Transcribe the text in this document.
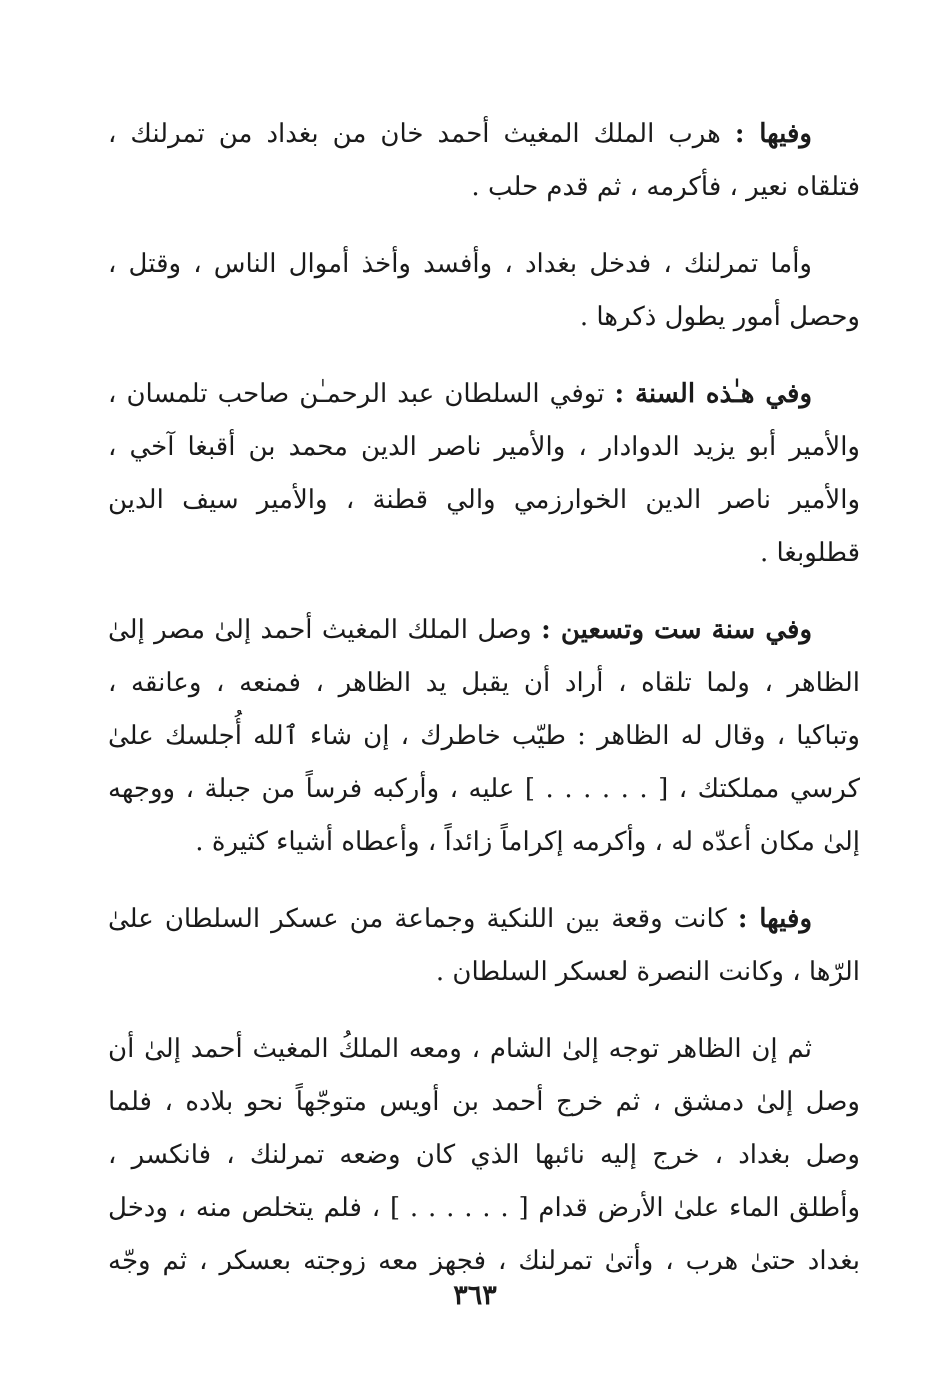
وفيها : هرب الملك المغيث أحمد خان من بغداد من تمرلنك ،
فتلقاه نعير ، فأكرمه ، ثم قدم حلب .
وأما تمرلنك ، فدخل بغداد ، وأفسد وأخذ أموال الناس ، وقتل ،
وحصل أمور يطول ذكرها .
وفي هـٰذه السنة : توفي السلطان عبد الرحمـٰن صاحب تلمسان ،
والأمير أبو يزيد الدوادار ، والأمير ناصر الدين محمد بن أقبغا آخي ،
والأمير ناصر الدين الخوارزمي والي قطنة ، والأمير سيف الدين
قطلوبغا .
وفي سنة ست وتسعين : وصل الملك المغيث أحمد إلىٰ مصر إلىٰ
الظاهر ، ولما تلقاه ، أراد أن يقبل يد الظاهر ، فمنعه ، وعانقه ،
وتباكيا ، وقال له الظاهر : طيّب خاطرك ، إن شاء ٱلله أُجلسك علىٰ
كرسي مملكتك ، [ . . . . . . ] عليه ، وأركبه فرساً من جبلة ، ووجهه
إلىٰ مكان أعدّه له ، وأكرمه إكراماً زائداً ، وأعطاه أشياء كثيرة .
وفيها : كانت وقعة بين اللنكية وجماعة من عسكر السلطان علىٰ
الرّها ، وكانت النصرة لعسكر السلطان .
ثم إن الظاهر توجه إلىٰ الشام ، ومعه الملكُ المغيث أحمد إلىٰ أن
وصل إلىٰ دمشق ، ثم خرج أحمد بن أويس متوجّهاً نحو بلاده ، فلما
وصل بغداد ، خرج إليه نائبها الذي كان وضعه تمرلنك ، فانكسر ،
وأطلق الماء علىٰ الأرض قدام [ . . . . . . ] ، فلم يتخلص منه ، ودخل
بغداد حتىٰ هرب ، وأتىٰ تمرلنك ، فجهز معه زوجته بعسكر ، ثم وجّه
٣٦٣
